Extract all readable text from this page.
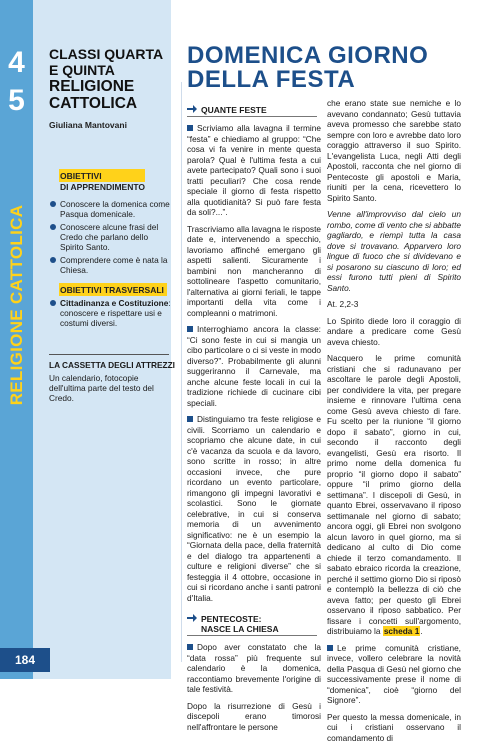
4
5
RELIGIONE CATTOLICA
CLASSI QUARTA
E QUINTA
RELIGIONE
CATTOLICA
Giuliana Mantovani
OBIETTIVI
DI APPRENDIMENTO
Conoscere la domenica come Pasqua domenicale.
Conoscere alcune frasi del Credo che parlano dello Spirito Santo.
Comprendere come è nata la Chiesa.
OBIETTIVI TRASVERSALI
Cittadinanza e Costituzione: conoscere e rispettare usi e costumi diversi.
LA CASSETTA DEGLI ATTREZZI
Un calendario, fotocopie dell'ultima parte del testo del Credo.
184
DOMENICA GIORNO
DELLA FESTA
QUANTE FESTE

Scriviamo alla lavagna il termine “festa” e chiediamo al gruppo: “Che cosa vi fa venire in mente questa parola? Qual è l'ultima festa a cui avete partecipato? Quali sono i suoi tratti peculiari? Che cosa rende speciale il giorno di festa rispetto alla quotidianità? Si può fare festa da soli?...”.

Trascriviamo alla lavagna le risposte date e, intervenendo a specchio, lavoriamo affinché emergano gli aspetti salienti. Sicuramente i bambini non mancheranno di sottolineare l'aspetto comunitario, l'alternativa ai giorni feriali, le tappe importanti della vita come i compleanni o matrimoni.

Interroghiamo ancora la classe: “Ci sono feste in cui si mangia un cibo particolare o ci si veste in modo diverso?”. Probabilmente gli alunni suggeriranno il Carnevale, ma anche alcune feste locali in cui la tradizione richiede di cucinare cibi speciali.

Distinguiamo tra feste religiose e civili. Scorriamo un calendario e scopriamo che alcune date, in cui c'è vacanza da scuola e da lavoro, sono scritte in rosso; in altre occasioni invece, che pure ricordano un evento particolare, rimangono gli impegni lavorativi e scolastici. Sono le giornate celebrative, in cui si conserva memoria di un avvenimento significativo: ne è un esempio la “Giornata della pace, della fraternità e del dialogo tra appartenenti a culture e religioni diverse” che si festeggia il 4 ottobre, occasione in cui si ricordano anche i santi patroni d'Italia.

PENTECOSTE:
NASCE LA CHIESA

Dopo aver constatato che la “data rossa” più frequente sul calendario è la domenica, raccontiamo brevemente l'origine di tale festività.

Dopo la risurrezione di Gesù i discepoli erano timorosi nell'affrontare le persone

che erano state sue nemiche e lo avevano condannato; Gesù tuttavia aveva promesso che sarebbe stato sempre con loro e avrebbe dato loro coraggio attraverso il suo Spirito. L'evangelista Luca, negli Atti degli Apostoli, racconta che nel giorno di Pentecoste gli apostoli e Maria, riuniti per la cena, ricevettero lo Spirito Santo.

Venne all'improvviso dal cielo un rombo, come di vento che si abbatte gagliardo, e riempì tutta la casa dove si trovavano. Apparvero loro lingue di fuoco che si dividevano e si posarono su ciascuno di loro; ed essi furono tutti pieni di Spirito Santo.

At. 2,2-3

Lo Spirito diede loro il coraggio di andare a predicare come Gesù aveva chiesto.

Nacquero le prime comunità cristiani che si radunavano per ascoltare le parole degli Apostoli, per condividere la vita, per pregare insieme e rinnovare l'ultima cena come Gesù aveva chiesto di fare. Fu scelto per la riunione “il giorno dopo il sabato”, giorno in cui, secondo il racconto degli evangelisti, Gesù era risorto. Il primo nome della domenica fu proprio “il giorno dopo il sabato” oppure “il primo giorno della settimana”. I discepoli di Gesù, in quanto Ebrei, osservavano il riposo settimanale nel giorno di sabato; ancora oggi, gli Ebrei non svolgono alcun lavoro in quel giorno, ma si dedicano al culto di Dio come chiede il terzo comandamento. Il sabato ebraico ricorda la creazione, perché il settimo giorno Dio si riposò e contemplò la bellezza di ciò che aveva fatto; per questo gli Ebrei osservano il riposo sabbatico. Per fissare i concetti sull'argomento, distribuiamo la scheda 1.

Le prime comunità cristiane, invece, vollero celebrare la novità della Pasqua di Gesù nel giorno che successivamente prese il nome di “domenica”, cioè “giorno del Signore”.

Per questo la messa domenicale, in cui i cristiani osservano il comandamento di
